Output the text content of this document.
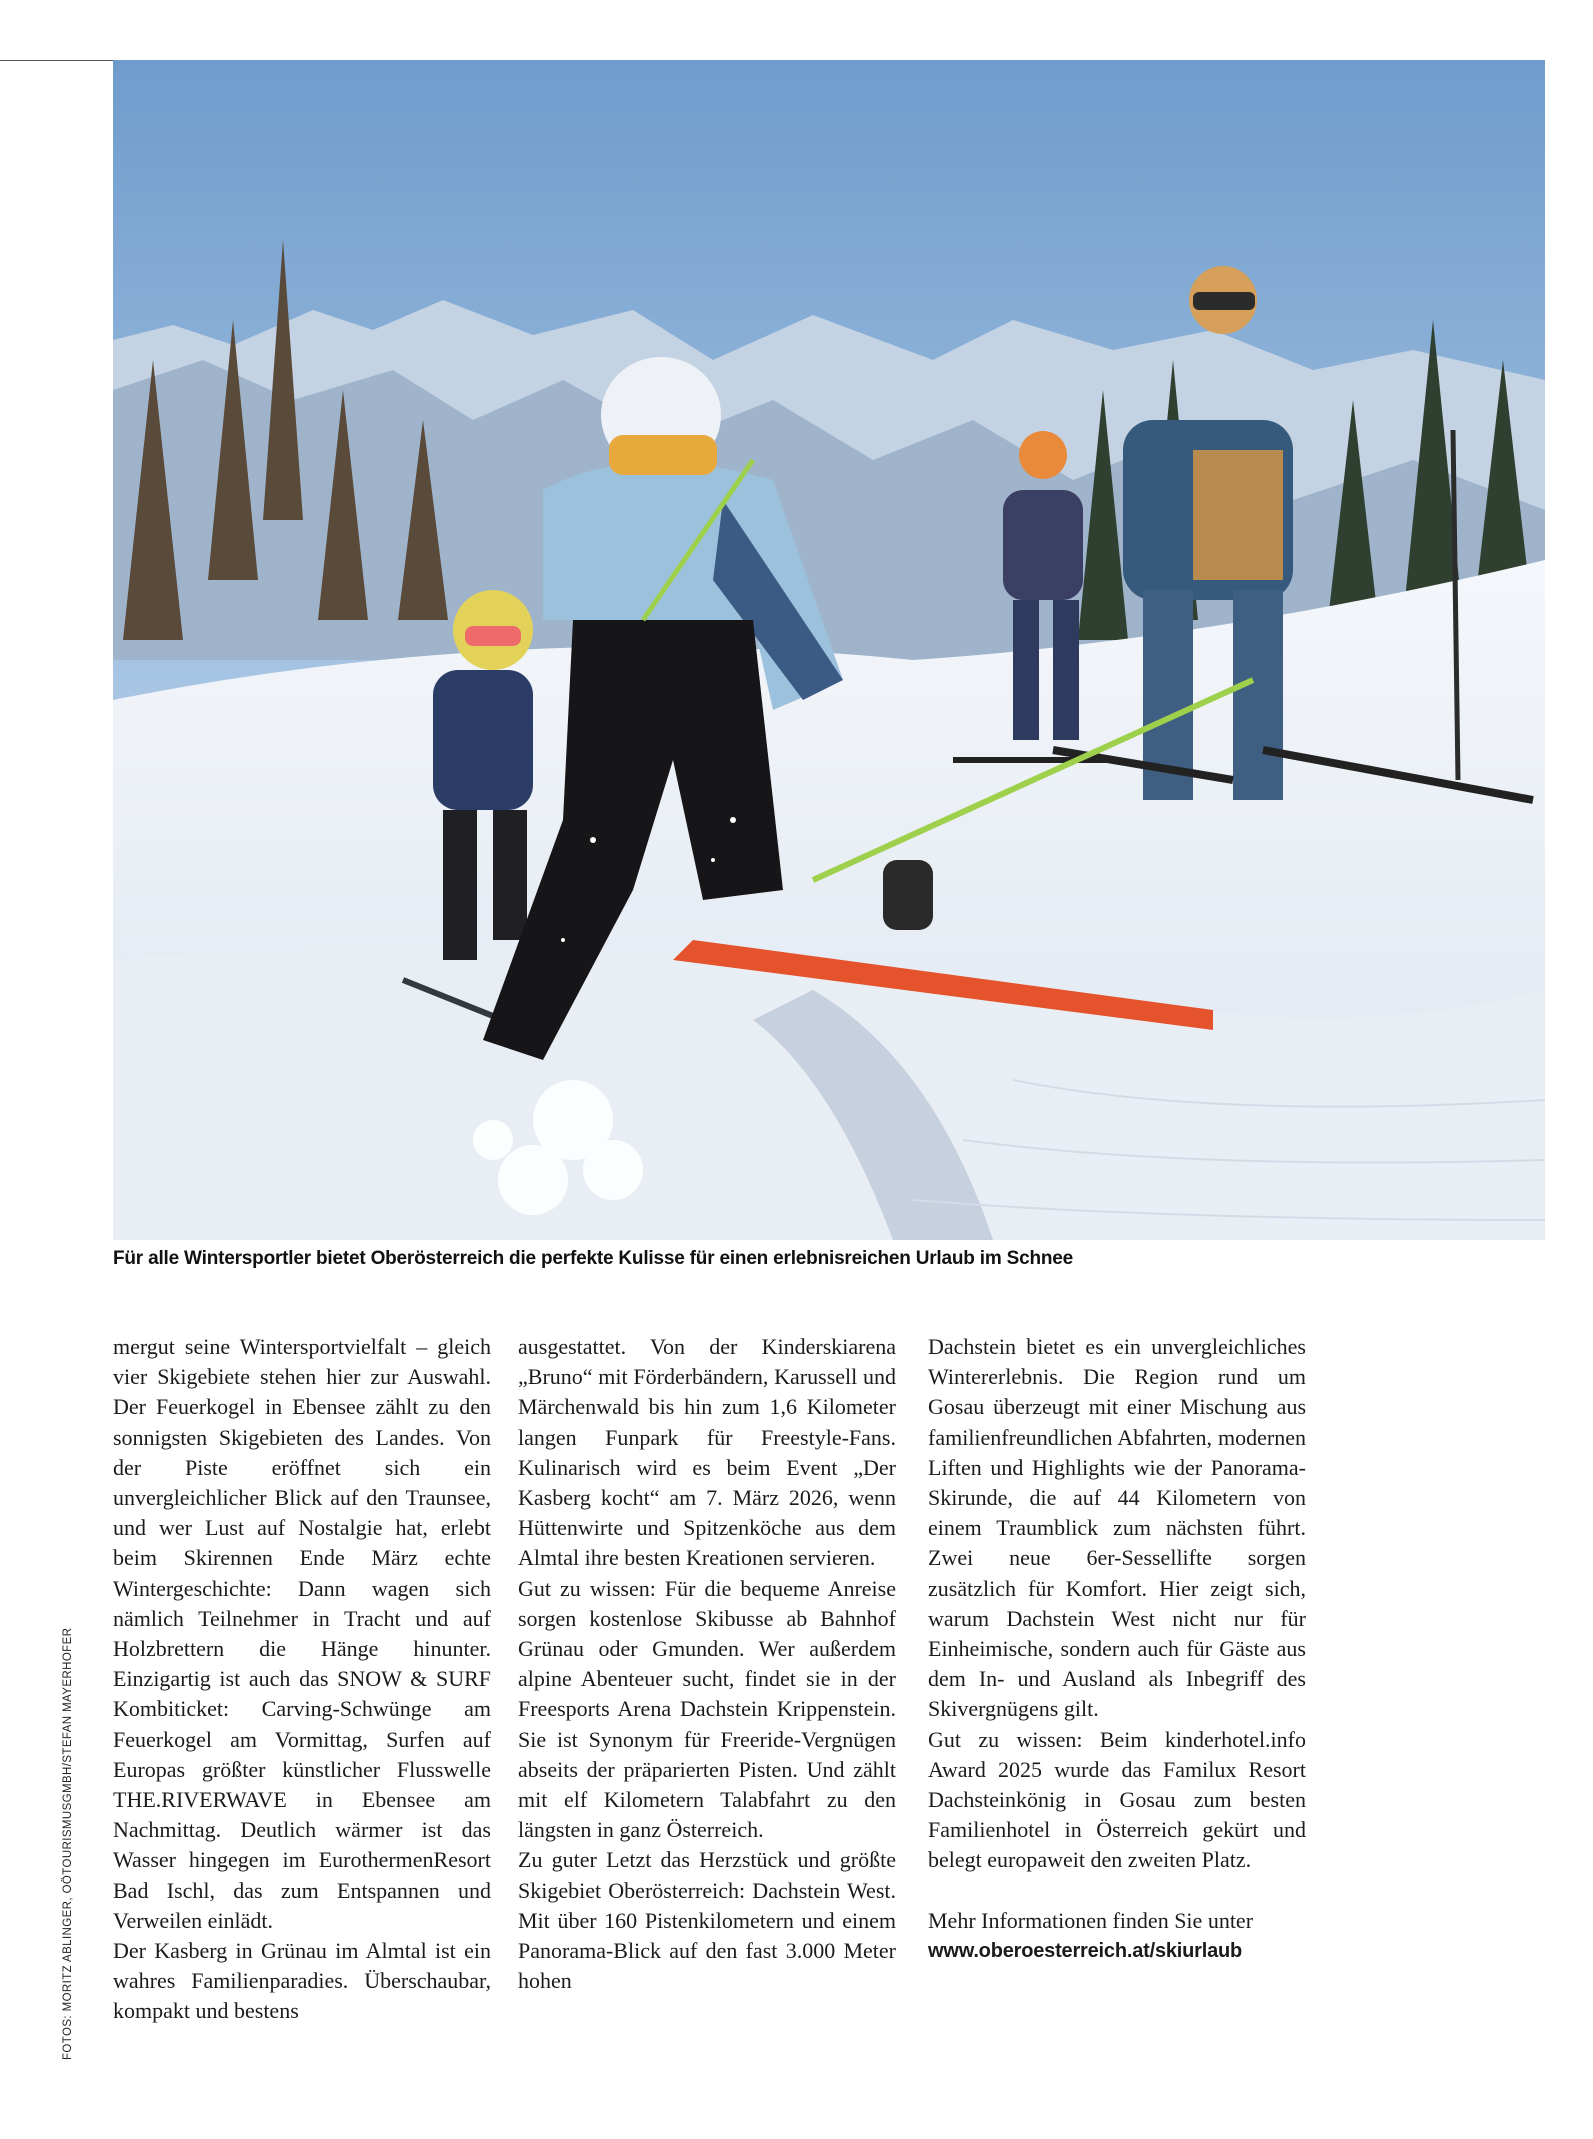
Für alle Wintersportler bietet Oberösterreich die perfekte Kulisse für einen erlebnisreichen Urlaub im Schnee
FOTOS: MORITZ ABLINGER, OÖTOURISMUSGMBH/STEFAN MAYERHOFER

mergut seine Wintersportvielfalt – gleich vier Skigebiete stehen hier zur Auswahl. Der Feuerkogel in Ebensee zählt zu den sonnigsten Skigebieten des Landes. Von der Piste eröffnet sich ein unvergleichlicher Blick auf den Traunsee, und wer Lust auf Nostalgie hat, erlebt beim Skirennen Ende März echte Wintergeschichte: Dann wagen sich nämlich Teilnehmer in Tracht und auf Holzbrettern die Hänge hinunter. Einzigartig ist auch das SNOW & SURF Kombiticket: Carving-Schwünge am Feuerkogel am Vormittag, Surfen auf Europas größter künstlicher Flusswelle THE.RIVERWAVE in Ebensee am Nachmittag. Deutlich wärmer ist das Wasser hingegen im EurothermenResort Bad Ischl, das zum Entspannen und Verweilen einlädt.

Der Kasberg in Grünau im Almtal ist ein wahres Familienparadies. Überschaubar, kompakt und bestens

ausgestattet. Von der Kinderskiarena „Bruno“ mit Förderbändern, Karussell und Märchenwald bis hin zum 1,6 Kilometer langen Funpark für Freestyle-Fans. Kulinarisch wird es beim Event „Der Kasberg kocht“ am 7. März 2026, wenn Hüttenwirte und Spitzenköche aus dem Almtal ihre besten Kreationen servieren.

Gut zu wissen: Für die bequeme Anreise sorgen kostenlose Skibusse ab Bahnhof Grünau oder Gmunden. Wer außerdem alpine Abenteuer sucht, findet sie in der Freesports Arena Dachstein Krippenstein. Sie ist Synonym für Freeride-Vergnügen abseits der präparierten Pisten. Und zählt mit elf Kilometern Talabfahrt zu den längsten in ganz Österreich.

Zu guter Letzt das Herzstück und größte Skigebiet Oberösterreich: Dachstein West. Mit über 160 Pistenkilometern und einem Panorama-Blick auf den fast 3.000 Meter hohen

Dachstein bietet es ein unvergleichliches Wintererlebnis. Die Region rund um Gosau überzeugt mit einer Mischung aus familienfreundlichen Abfahrten, modernen Liften und Highlights wie der Panorama-Skirunde, die auf 44 Kilometern von einem Traumblick zum nächsten führt. Zwei neue 6er-Sessellifte sorgen zusätzlich für Komfort. Hier zeigt sich, warum Dachstein West nicht nur für Einheimische, sondern auch für Gäste aus dem In- und Ausland als Inbegriff des Skivergnügens gilt.

Gut zu wissen: Beim kinderhotel.info Award 2025 wurde das Familux Resort Dachsteinkönig in Gosau zum besten Familienhotel in Österreich gekürt und belegt europaweit den zweiten Platz.

Mehr Informationen finden Sie unter

www.oberoesterreich.at/skiurlaub
